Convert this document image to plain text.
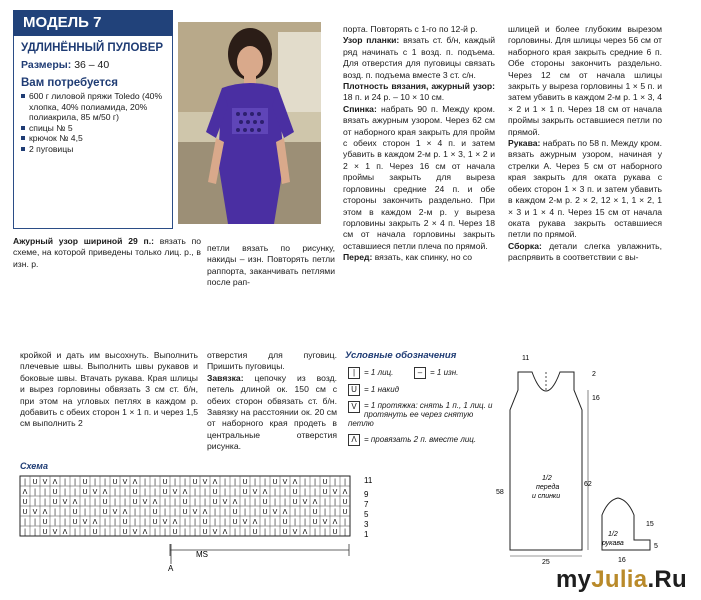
МОДЕЛЬ 7
УДЛИНЁННЫЙ ПУЛОВЕР
Размеры: 36 – 40
Вам потребуется
600 г лиловой пряжи Toledo (40% хлопка, 40% полиамида, 20% полиакрила, 85 м/50 г)
спицы № 5
крючок № 4,5
2 пуговицы
Ажурный узор шириной 29 п.: вязать по схеме, на которой приведены только лиц. р., в изн. р.
петли вязать по рисунку, накиды – изн. Повторять петли раппорта, заканчивать петлями после рап-

порта. Повторять с 1-го по 12-й р.

Узор планки: вязать ст. б/н, каждый ряд начинать с 1 возд. п. подъема. Для отверстия для пуговицы связать возд. п. подъема вместе 3 ст. с/н.

Плотность вязания, ажурный узор: 18 п. и 24 р. – 10 × 10 см.

Спинка: набрать 90 п. Между кром. вязать ажурным узором. Через 62 см от наборного края закрыть для пройм с обеих сторон 1 × 4 п. и затем убавить в каждом 2-м р. 1 × 3, 1 × 2 и 2 × 1 п. Через 16 см от начала проймы закрыть для выреза горловины средние 24 п. и обе стороны закончить раздельно. При этом в каждом 2-м р. у выреза горловины закрыть 2 × 4 п. Через 18 см от начала горловины закрыть оставшиеся петли плеча по прямой.

Перед: вязать, как спинку, но со

шлицей и более глубоким вырезом горловины. Для шлицы через 56 см от наборного края закрыть средние 6 п. Обе стороны закончить раздельно. Через 12 см от начала шлицы закрыть у выреза горловины 1 × 5 п. и затем убавить в каждом 2-м р. 1 × 3, 4 × 2 и 1 × 1 п. Через 18 см от начала проймы закрыть оставшиеся петли по прямой.

Рукава: набрать по 58 п. Между кром. вязать ажурным узором, начиная у стрелки А. Через 5 см от наборного края закрыть для оката рукава с обеих сторон 1 × 3 п. и затем убавить в каждом 2-м р. 2 × 2, 12 × 1, 1 × 2, 1 × 3 и 1 × 4 п. Через 15 см от начала оката рукава закрыть оставшиеся петли по прямой.

Сборка: детали слегка увлажнить, распрявить в соответствии с вы-

кройкой и дать им высохнуть. Выполнить плечевые швы. Выполнить швы рукавов и боковые швы. Втачать рукава. Края шлицы и вырез горловины обвязать 3 см ст. б/н, при этом на угловых петлях в каждом р. добавить с обеих сторон 1 × 1 п. и через 1,5 см выполнить 2

отверстия для пуговиц. Пришить пуговицы.

Завязка: цепочку из возд. петель длиной ок. 150 см с обеих сторон обвязать ст. б/н. Завязку на расстоянии ок. 20 см от наборного края продеть в центральные отверстия рисунка.

Условные обозначения
| = 1 лиц.	– = 1 изн.
U = 1 накид
V = 1 протяжка: снять 1 п., 1 лиц. и протянуть ее через снятую петлю
Λ = провязать 2 п. вместе лиц.
Схема
| U V Λ | | U | | U V Λ | | U | | U V Λ | | U | | U V Λ | | U | |
Λ | | U | | U V Λ | | U | | U V Λ | | U | | U V Λ | | U | | U V Λ
U | | U V Λ | | U | | U V Λ | | U | | U V Λ | | U | | U V Λ | | U
U V Λ | | U | | U V Λ | | U | | U V Λ | | U | | U V Λ | | U | | U
| | U | | U V Λ | | U | | U V Λ | | U | | U V Λ | | U | | U V Λ |
| | U V Λ | | U | | U V Λ | | U | | U V Λ | | U | | U V Λ | | U |
11
9
7
5
3
1
MS
A
1/2
переда
и спинки
11
2
16
62
58
25
1/2
рукава
15
5
16
myJulia.Ru
